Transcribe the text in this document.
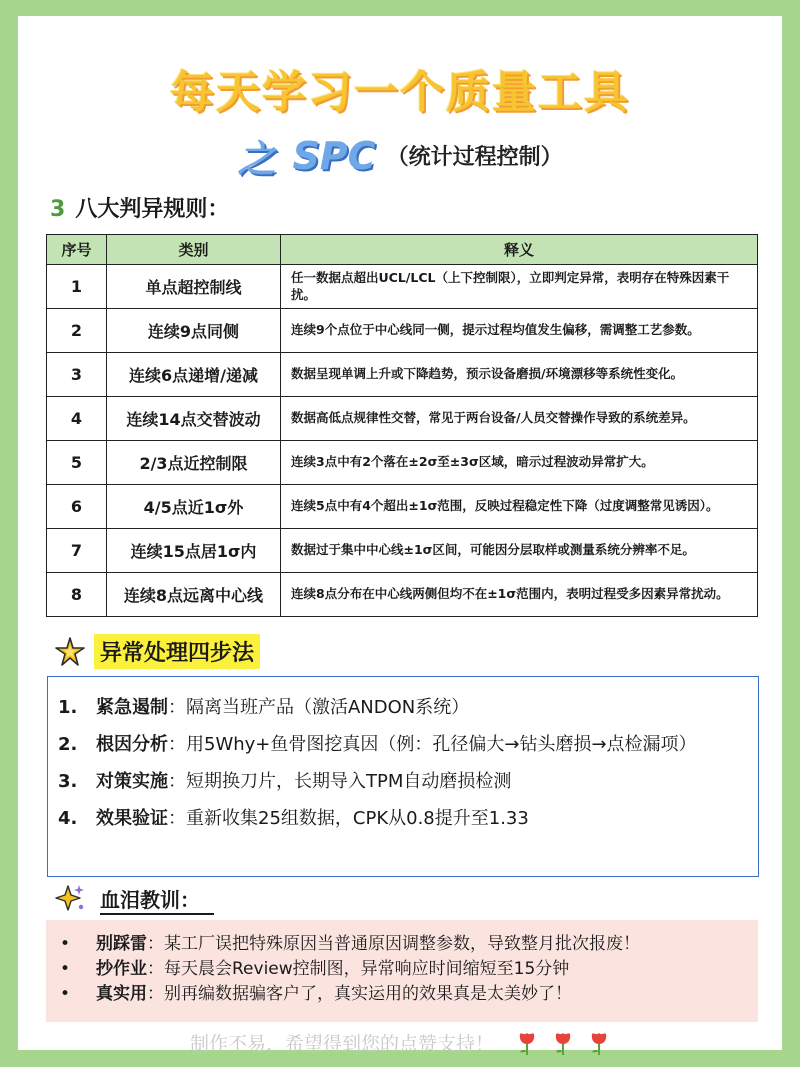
每天学习一个质量工具
之 SPC （统计过程控制）
3 八大判异规则：
序号	类别	释义
1	单点超控制线	任一数据点超出UCL/LCL（上下控制限），立即判定异常，表明存在特殊因素干扰。
2	连续9点同侧	连续9个点位于中心线同一侧，提示过程均值发生偏移，需调整工艺参数。
3	连续6点递增/递减	数据呈现单调上升或下降趋势，预示设备磨损/环境漂移等系统性变化。
4	连续14点交替波动	数据高低点规律性交替，常见于两台设备/人员交替操作导致的系统差异。
5	2/3点近控制限	连续3点中有2个落在±2σ至±3σ区域，暗示过程波动异常扩大。
6	4/5点近1σ外	连续5点中有4个超出±1σ范围，反映过程稳定性下降（过度调整常见诱因）。
7	连续15点居1σ内	数据过于集中中心线±1σ区间，可能因分层取样或测量系统分辨率不足。
8	连续8点远离中心线	连续8点分布在中心线两侧但均不在±1σ范围内，表明过程受多因素异常扰动。
异常处理四步法
1.	紧急遏制：隔离当班产品（激活ANDON系统）
2.	根因分析：用5Why+鱼骨图挖真因（例：孔径偏大→钻头磨损→点检漏项）
3.	对策实施：短期换刀片，长期导入TPM自动磨损检测
4.	效果验证：重新收集25组数据，CPK从0.8提升至1.33
血泪教训：
•	别踩雷：某工厂误把特殊原因当普通原因调整参数，导致整月批次报废！
•	抄作业：每天晨会Review控制图，异常响应时间缩短至15分钟
•	真实用：别再编数据骗客户了，真实运用的效果真是太美妙了！
制作不易，希望得到您的点赞支持！
